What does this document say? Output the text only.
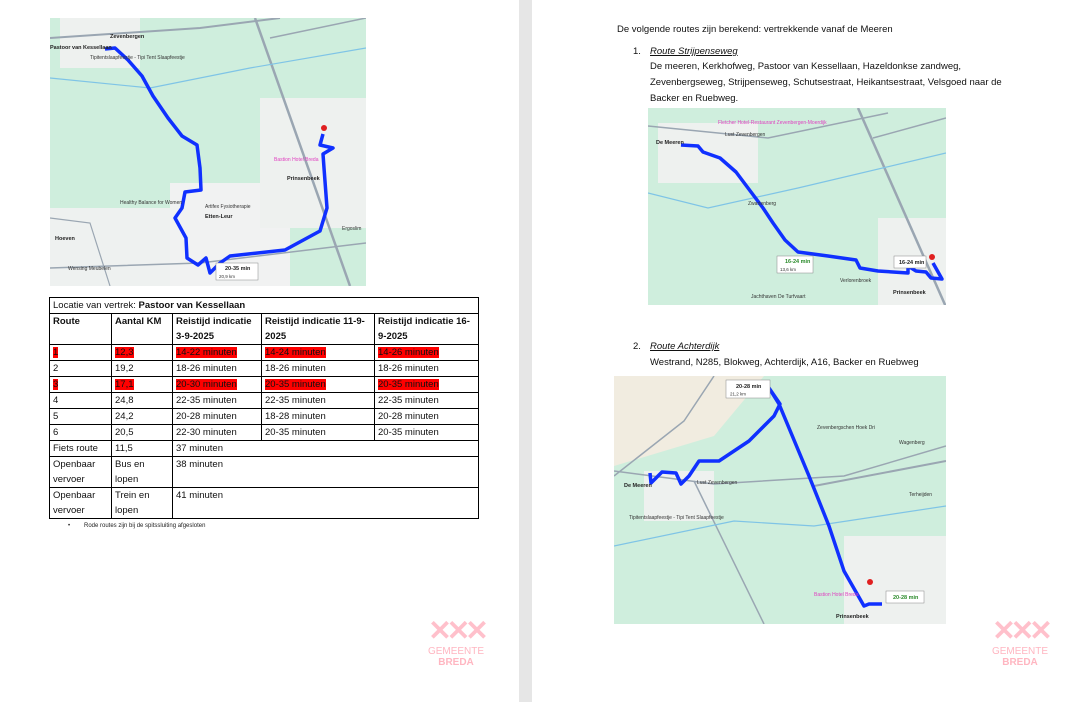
Pastoor van Kessellaan
Zevenbergen
Tipitentslaapfeestje - Tipi Tent Slaapfeestje
Healthy Balance for Women
Artifex Fysiotherapie
Etten-Leur
Prinsenbeek
Bastion Hotel Breda
Hoeven
Wensing Meubelen
Ergoslim
20-35 min
20,9 km
Locatie van vertrek: Pastoor van Kessellaan				
Route	Aantal KM	Reistijd indicatie 3-9-2025	Reistijd indicatie 11-9-2025	Reistijd indicatie 16-9-2025
1	12,3	14-22 minuten	14-24 minuten	14-26 minuten
2	19,2	18-26 minuten	18-26 minuten	18-26 minuten
3	17,1	20-30 minuten	20-35 minuten	20-35 minuten
4	24,8	22-35 minuten	22-35 minuten	22-35 minuten
5	24,2	20-28 minuten	18-28 minuten	20-28 minuten
6	20,5	22-30 minuten	20-35 minuten	20-35 minuten
Fiets route	11,5	37 minuten		
Openbaar vervoer	Bus en lopen	38 minuten		
Openbaar vervoer	Trein en lopen	41 minuten		
• Rode routes zijn bij de spitssluiting afgesloten
✕✕✕
GEMEENTE
BREDA
De volgende routes zijn berekend: vertrekkende vanaf de Meeren
1. Route Strijpenseweg
De meeren, Kerkhofweg, Pastoor van Kessellaan, Hazeldonkse zandweg,
Zevenbergseweg, Strijpenseweg, Schutsestraat, Heikantsestraat, Velsgoed naar de
Backer en Ruebweg.
De Meeren
Fletcher Hotel-Restaurant Zevenbergen-Moerdijk
Lust Zevenbergen
Zwartenberg
Verlorenbroek
Prinsenbeek
Jachthaven De Turfvaart
16-24 min
13,6 km
16-24 min
2. Route Achterdijk
Westrand, N285, Blokweg, Achterdijk, A16, Backer en Ruebweg
De Meeren	Lust Zevenbergen
Tipitentslaapfeestje - Tipi Tent Slaapfeestje
Zevenbergschen Hoek Dri
Wagenberg
Terheijden
Prinsenbeek
Bastion Hotel Breda
20-28 min
21,2 km
20-28 min
✕✕✕
GEMEENTE
BREDA
